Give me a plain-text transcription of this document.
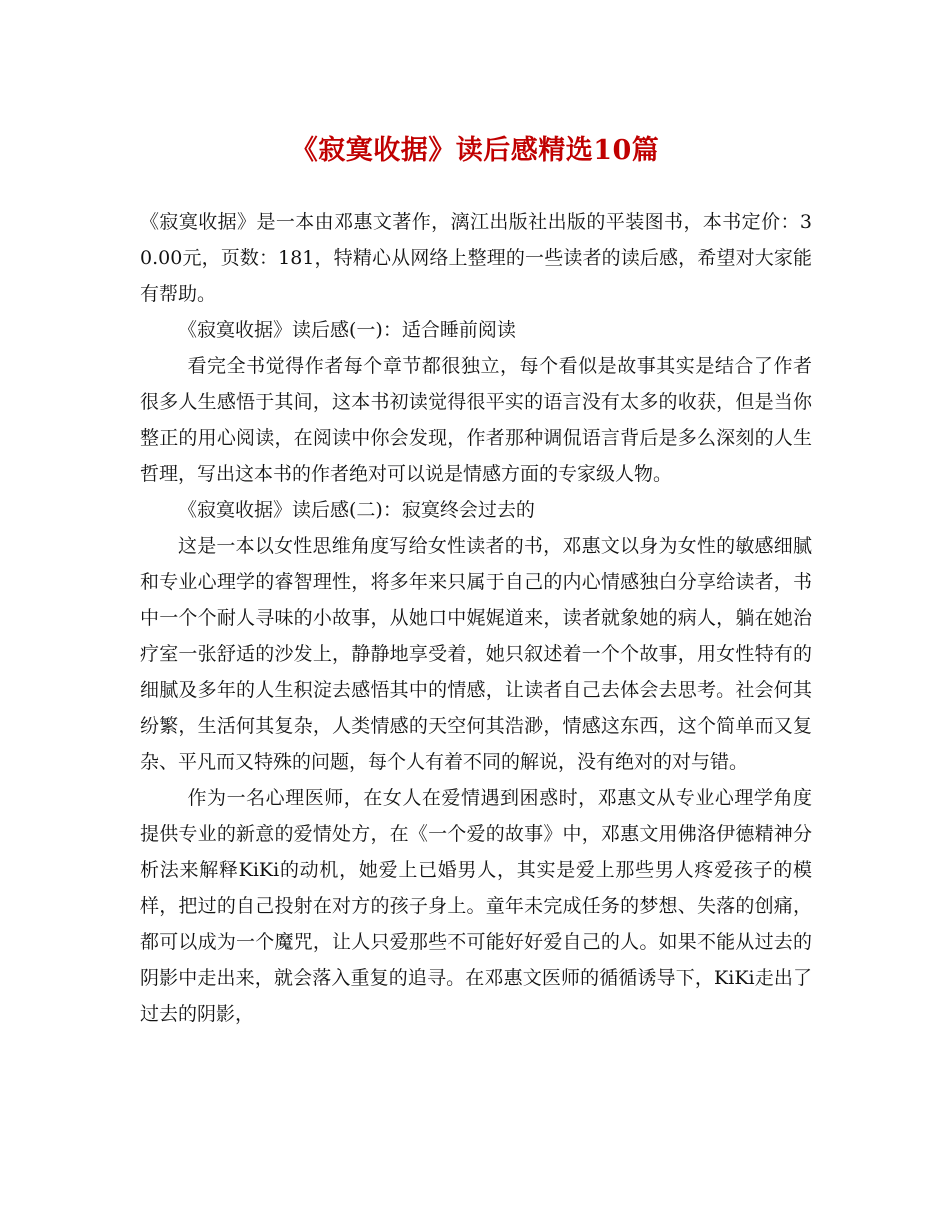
《寂寞收据》读后感精选10篇

《寂寞收据》是一本由邓惠文著作，漓江出版社出版的平装图书，本书定价：30.00元，页数：181，特精心从网络上整理的一些读者的读后感，希望对大家能有帮助。

《寂寞收据》读后感(一)：适合睡前阅读

看完全书觉得作者每个章节都很独立，每个看似是故事其实是结合了作者很多人生感悟于其间，这本书初读觉得很平实的语言没有太多的收获，但是当你整正的用心阅读，在阅读中你会发现，作者那种调侃语言背后是多么深刻的人生哲理，写出这本书的作者绝对可以说是情感方面的专家级人物。

《寂寞收据》读后感(二)：寂寞终会过去的

这是一本以女性思维角度写给女性读者的书，邓惠文以身为女性的敏感细腻和专业心理学的睿智理性，将多年来只属于自己的内心情感独白分享给读者，书中一个个耐人寻味的小故事，从她口中娓娓道来，读者就象她的病人，躺在她治疗室一张舒适的沙发上，静静地享受着，她只叙述着一个个故事，用女性特有的细腻及多年的人生积淀去感悟其中的情感，让读者自己去体会去思考。社会何其纷繁，生活何其复杂，人类情感的天空何其浩渺，情感这东西，这个简单而又复杂、平凡而又特殊的问题，每个人有着不同的解说，没有绝对的对与错。

作为一名心理医师，在女人在爱情遇到困惑时，邓惠文从专业心理学角度提供专业的新意的爱情处方，在《一个爱的故事》中，邓惠文用佛洛伊德精神分析法来解释KiKi的动机，她爱上已婚男人，其实是爱上那些男人疼爱孩子的模样，把过的自己投射在对方的孩子身上。童年未完成任务的梦想、失落的创痛，都可以成为一个魔咒，让人只爱那些不可能好好爱自己的人。如果不能从过去的阴影中走出来，就会落入重复的追寻。在邓惠文医师的循循诱导下，KiKi走出了过去的阴影，
